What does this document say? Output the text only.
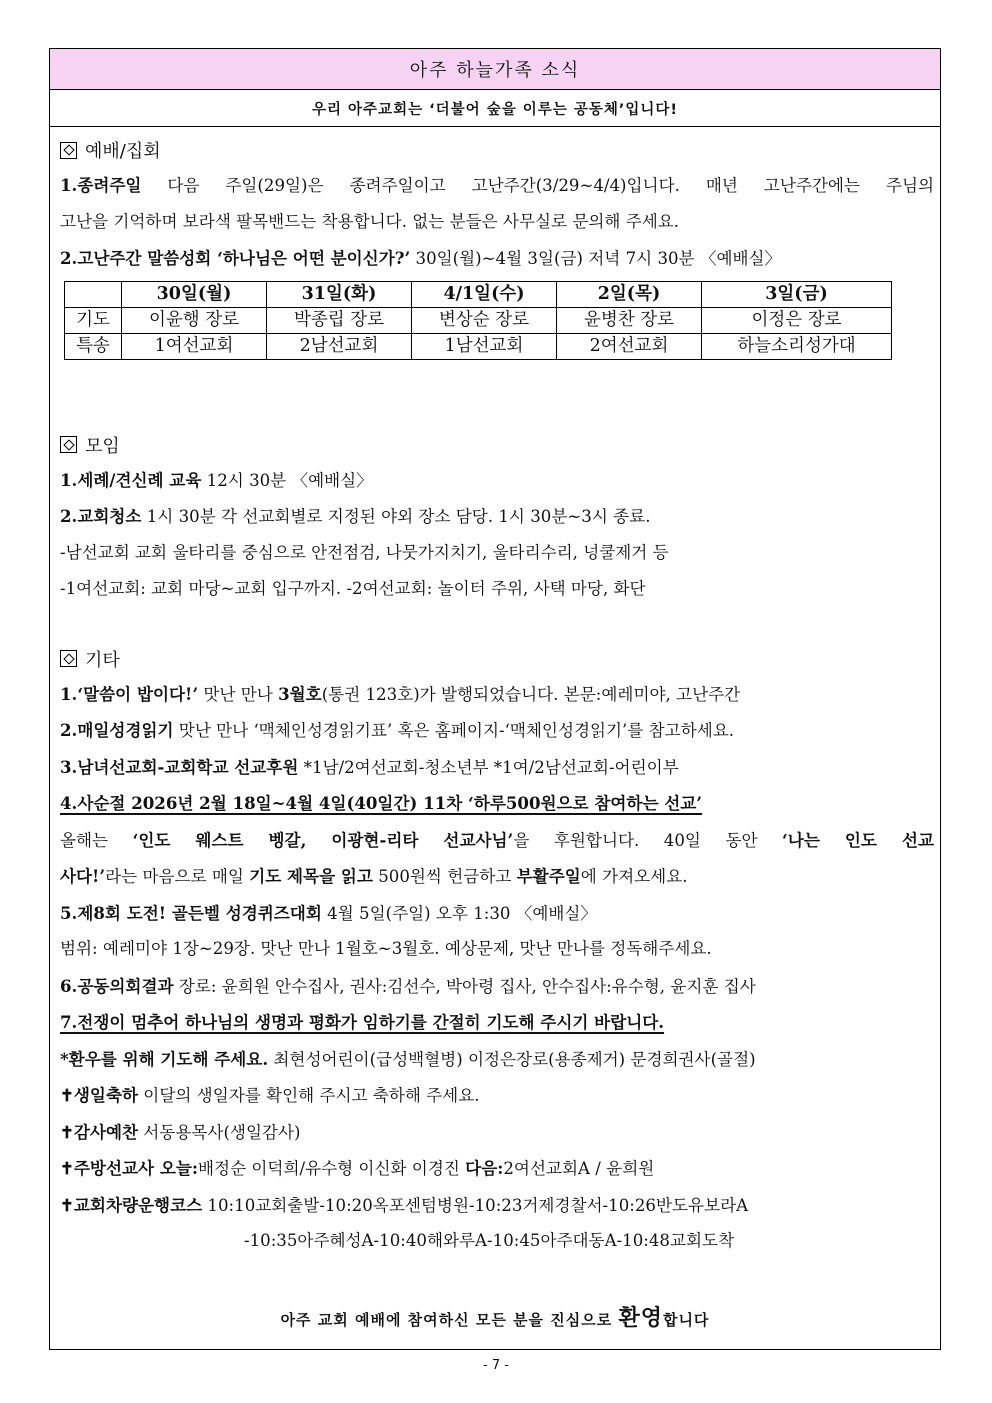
아주 하늘가족 소식
우리 아주교회는 ‘더불어 숲을 이루는 공동체’입니다!
예배/집회
1.종려주일 다음 주일(29일)은 종려주일이고 고난주간(3/29~4/4)입니다. 매년 고난주간에는 주님의
고난을 기억하며 보라색 팔목밴드는 착용합니다. 없는 분들은 사무실로 문의해 주세요.
2.고난주간 말씀성회 ‘하나님은 어떤 분이신가?’ 30일(월)~4월 3일(금) 저녁 7시 30분 〈예배실〉
	30일(월)	31일(화)	4/1일(수)	2일(목)	3일(금)
기도	이윤행 장로	박종립 장로	변상순 장로	윤병찬 장로	이정은 장로
특송	1여선교회	2남선교회	1남선교회	2여선교회	하늘소리성가대
모임
1.세례/견신례 교육 12시 30분 〈예배실〉
2.교회청소 1시 30분 각 선교회별로 지정된 야외 장소 담당. 1시 30분~3시 종료.
-남선교회 교회 울타리를 중심으로 안전점검, 나뭇가지치기, 울타리수리, 넝쿨제거 등
-1여선교회: 교회 마당~교회 입구까지. -2여선교회: 놀이터 주위, 사택 마당, 화단
기타
1.‘말씀이 밥이다!’ 맛난 만나 3월호(통권 123호)가 발행되었습니다. 본문:예레미야, 고난주간
2.매일성경읽기 맛난 만나 ‘맥체인성경읽기표’ 혹은 홈페이지-‘맥체인성경읽기’를 참고하세요.
3.남녀선교회-교회학교 선교후원 *1남/2여선교회-청소년부 *1여/2남선교회-어린이부
4.사순절 2026년 2월 18일~4월 4일(40일간) 11차 ‘하루500원으로 참여하는 선교’
올해는 ‘인도 웨스트 벵갈, 이광현-리타 선교사님’을 후원합니다. 40일 동안 ‘나는 인도 선교
사다!’라는 마음으로 매일 기도 제목을 읽고 500원씩 헌금하고 부활주일에 가져오세요.
5.제8회 도전! 골든벨 성경퀴즈대회 4월 5일(주일) 오후 1:30 〈예배실〉
범위: 예레미야 1장~29장. 맛난 만나 1월호~3월호. 예상문제, 맛난 만나를 정독해주세요.
6.공동의회결과 장로: 윤희원 안수집사, 권사:김선수, 박아령 집사, 안수집사:유수형, 윤지훈 집사
7.전쟁이 멈추어 하나님의 생명과 평화가 임하기를 간절히 기도해 주시기 바랍니다.
*환우를 위해 기도해 주세요. 최현성어린이(급성백혈병) 이정은장로(용종제거) 문경희권사(골절)
✝생일축하 이달의 생일자를 확인해 주시고 축하해 주세요.
✝감사예찬 서동용목사(생일감사)
✝주방선교사 오늘:배정순 이덕희/유수형 이신화 이경진 다음:2여선교회A / 윤희원
✝교회차량운행코스 10:10교회출발-10:20옥포센텀병원-10:23거제경찰서-10:26반도유보라A
-10:35아주혜성A-10:40해와루A-10:45아주대동A-10:48교회도착
아주 교회 예배에 참여하신 모든 분을 진심으로 환영합니다
- 7 -
